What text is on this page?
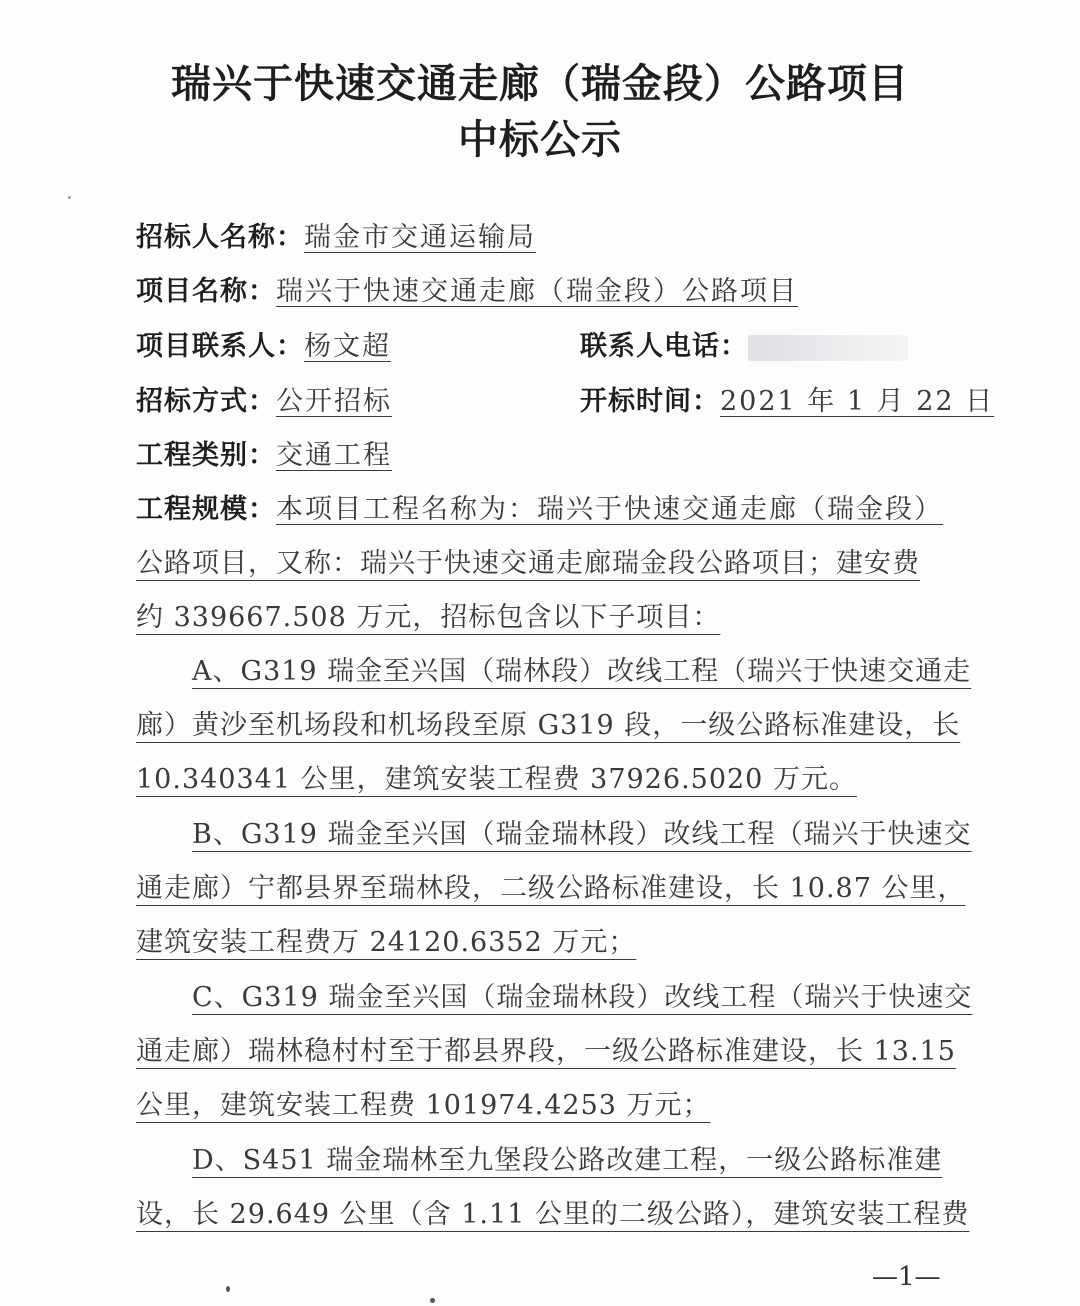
瑞兴于快速交通走廊（瑞金段）公路项目
中标公示
招标人名称：瑞金市交通运输局
项目名称：瑞兴于快速交通走廊（瑞金段）公路项目
项目联系人：杨文超	联系人电话：
招标方式：公开招标	开标时间：2021 年 1 月 22 日
工程类别：交通工程
工程规模：本项目工程名称为：瑞兴于快速交通走廊（瑞金段）
公路项目，又称：瑞兴于快速交通走廊瑞金段公路项目；建安费
约 339667.508 万元，招标包含以下子项目：
A、G319 瑞金至兴国（瑞林段）改线工程（瑞兴于快速交通走
廊）黄沙至机场段和机场段至原 G319 段，一级公路标准建设，长
10.340341 公里，建筑安装工程费 37926.5020 万元。
B、G319 瑞金至兴国（瑞金瑞林段）改线工程（瑞兴于快速交
通走廊）宁都县界至瑞林段，二级公路标准建设，长 10.87 公里，
建筑安装工程费万 24120.6352 万元；
C、G319 瑞金至兴国（瑞金瑞林段）改线工程（瑞兴于快速交
通走廊）瑞林稳村村至于都县界段，一级公路标准建设，长 13.15
公里，建筑安装工程费 101974.4253 万元；
D、S451 瑞金瑞林至九堡段公路改建工程，一级公路标准建
设，长 29.649 公里（含 1.11 公里的二级公路），建筑安装工程费
—1—
